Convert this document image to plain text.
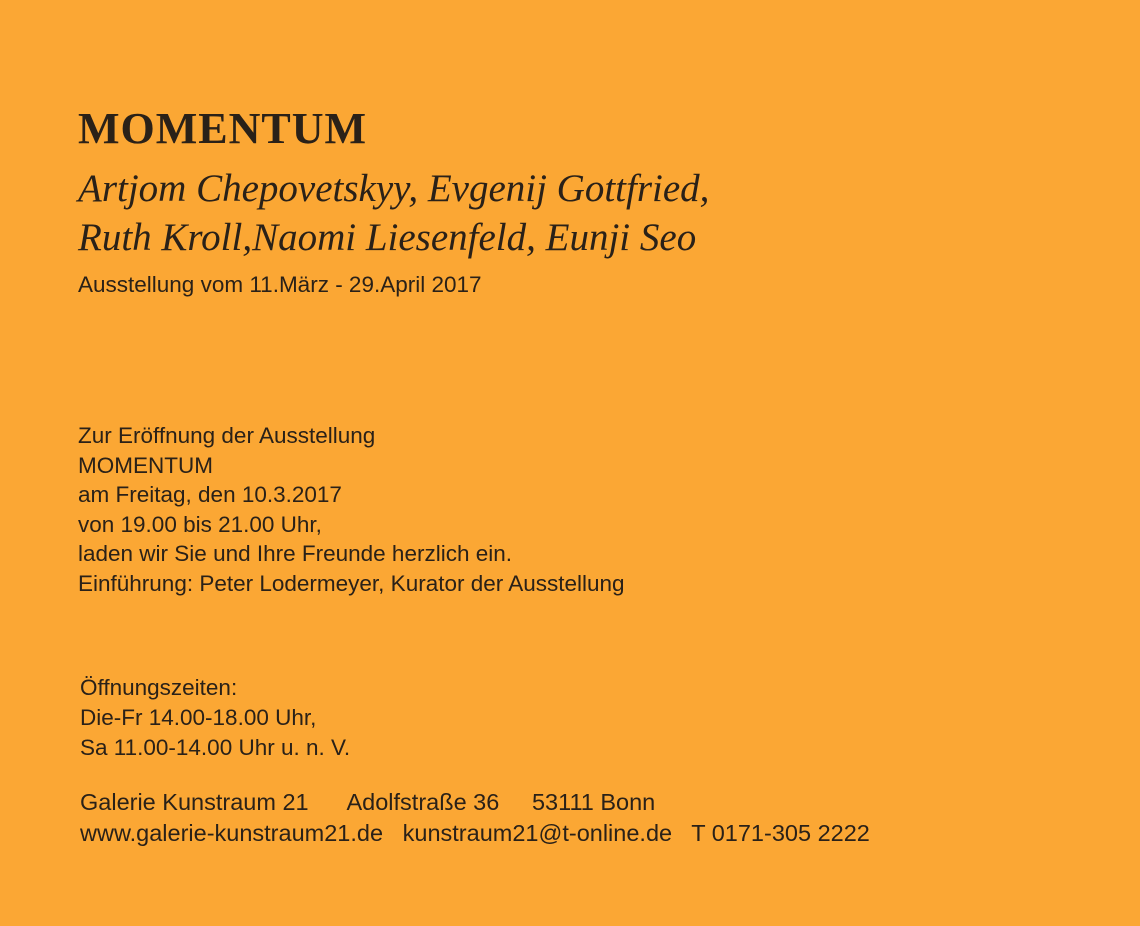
MOMENTUM
Artjom Chepovetskyy, Evgenij Gottfried,
Ruth Kroll,Naomi Liesenfeld, Eunji Seo

Ausstellung vom 11.März - 29.April 2017

Zur Eröffnung der Ausstellung
MOMENTUM
am Freitag, den 10.3.2017
von 19.00 bis 21.00 Uhr,
laden wir Sie und Ihre Freunde herzlich ein.
Einführung: Peter Lodermeyer, Kurator der Ausstellung
Öffnungszeiten:
Die-Fr 14.00-18.00 Uhr,
Sa 11.00-14.00 Uhr u. n. V.
Galerie Kunstraum 21 Adolfstraße 36 53111 Bonn
www.galerie-kunstraum21.de kunstraum21@t-online.de T 0171-305 2222
